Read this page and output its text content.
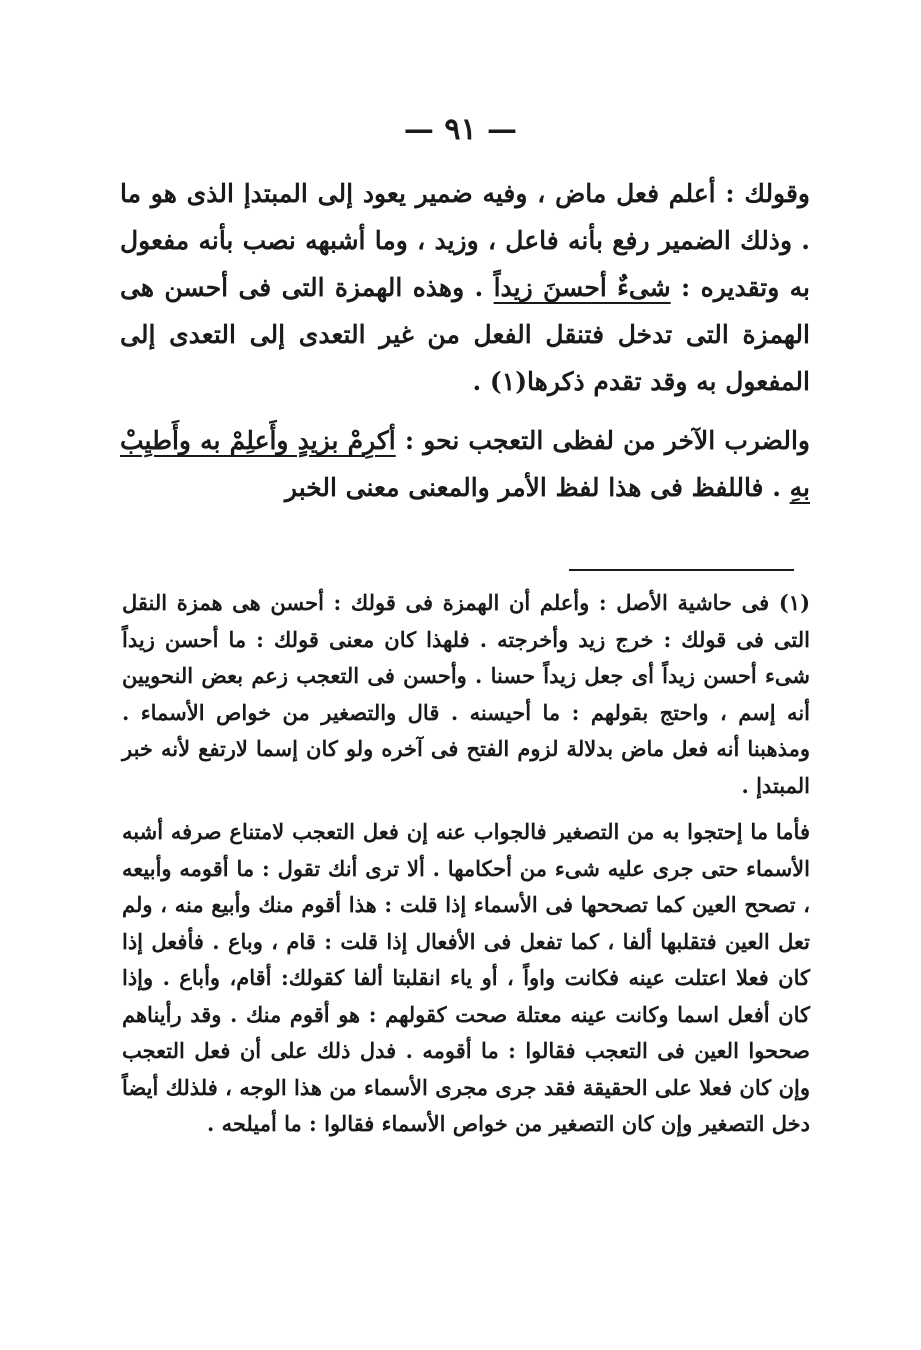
— ٩١ —

وقولك : أعلم فعل ماض ، وفيه ضمير يعود إلى المبتدإ الذى هو ما . وذلك الضمير رفع بأنه فاعل ، وزيد ، وما أشبهه نصب بأنه مفعول به وتقديره : شىءٌ أحسنَ زيداً . وهذه الهمزة التى فى أحسن هى الهمزة التى تدخل فتنقل الفعل من غير التعدى إلى التعدى إلى المفعول به وقد تقدم ذكرها(١) .

والضرب الآخر من لفظى التعجب نحو : أكرِمْ بزيدٍ وأَعلِمْ به وأَطيِبْ بهِ . فاللفظ فى هذا لفظ الأمر والمعنى معنى الخبر

(١) فى حاشية الأصل : وأعلم أن الهمزة فى قولك : أحسن هى همزة النقل التى فى قولك : خرج زيد وأخرجته . فلهذا كان معنى قولك : ما أحسن زيداً شىء أحسن زيداً أى جعل زيداً حسنا . وأحسن فى التعجب زعم بعض النحويين أنه إسم ، واحتج بقولهم : ما أحيسنه . قال والتصغير من خواص الأسماء . ومذهبنا أنه فعل ماض بدلالة لزوم الفتح فى آخره ولو كان إسما لارتفع لأنه خبر المبتدإ .

فأما ما إحتجوا به من التصغير فالجواب عنه إن فعل التعجب لامتناع صرفه أشبه الأسماء حتى جرى عليه شىء من أحكامها . ألا ترى أنك تقول : ما أقومه وأبيعه ، تصحح العين كما تصححها فى الأسماء إذا قلت : هذا أقوم منك وأبيع منه ، ولم تعل العين فتقلبها ألفا ، كما تفعل فى الأفعال إذا قلت : قام ، وباع . فأفعل إذا كان فعلا اعتلت عينه فكانت واواً ، أو ياء انقلبتا ألفا كقولك: أقام، وأباع . وإذا كان أفعل اسما وكانت عينه معتلة صحت كقولهم : هو أقوم منك . وقد رأيناهم صححوا العين فى التعجب فقالوا : ما أقومه . فدل ذلك على أن فعل التعجب وإن كان فعلا على الحقيقة فقد جرى مجرى الأسماء من هذا الوجه ، فلذلك أيضاً دخل التصغير وإن كان التصغير من خواص الأسماء فقالوا : ما أميلحه .
